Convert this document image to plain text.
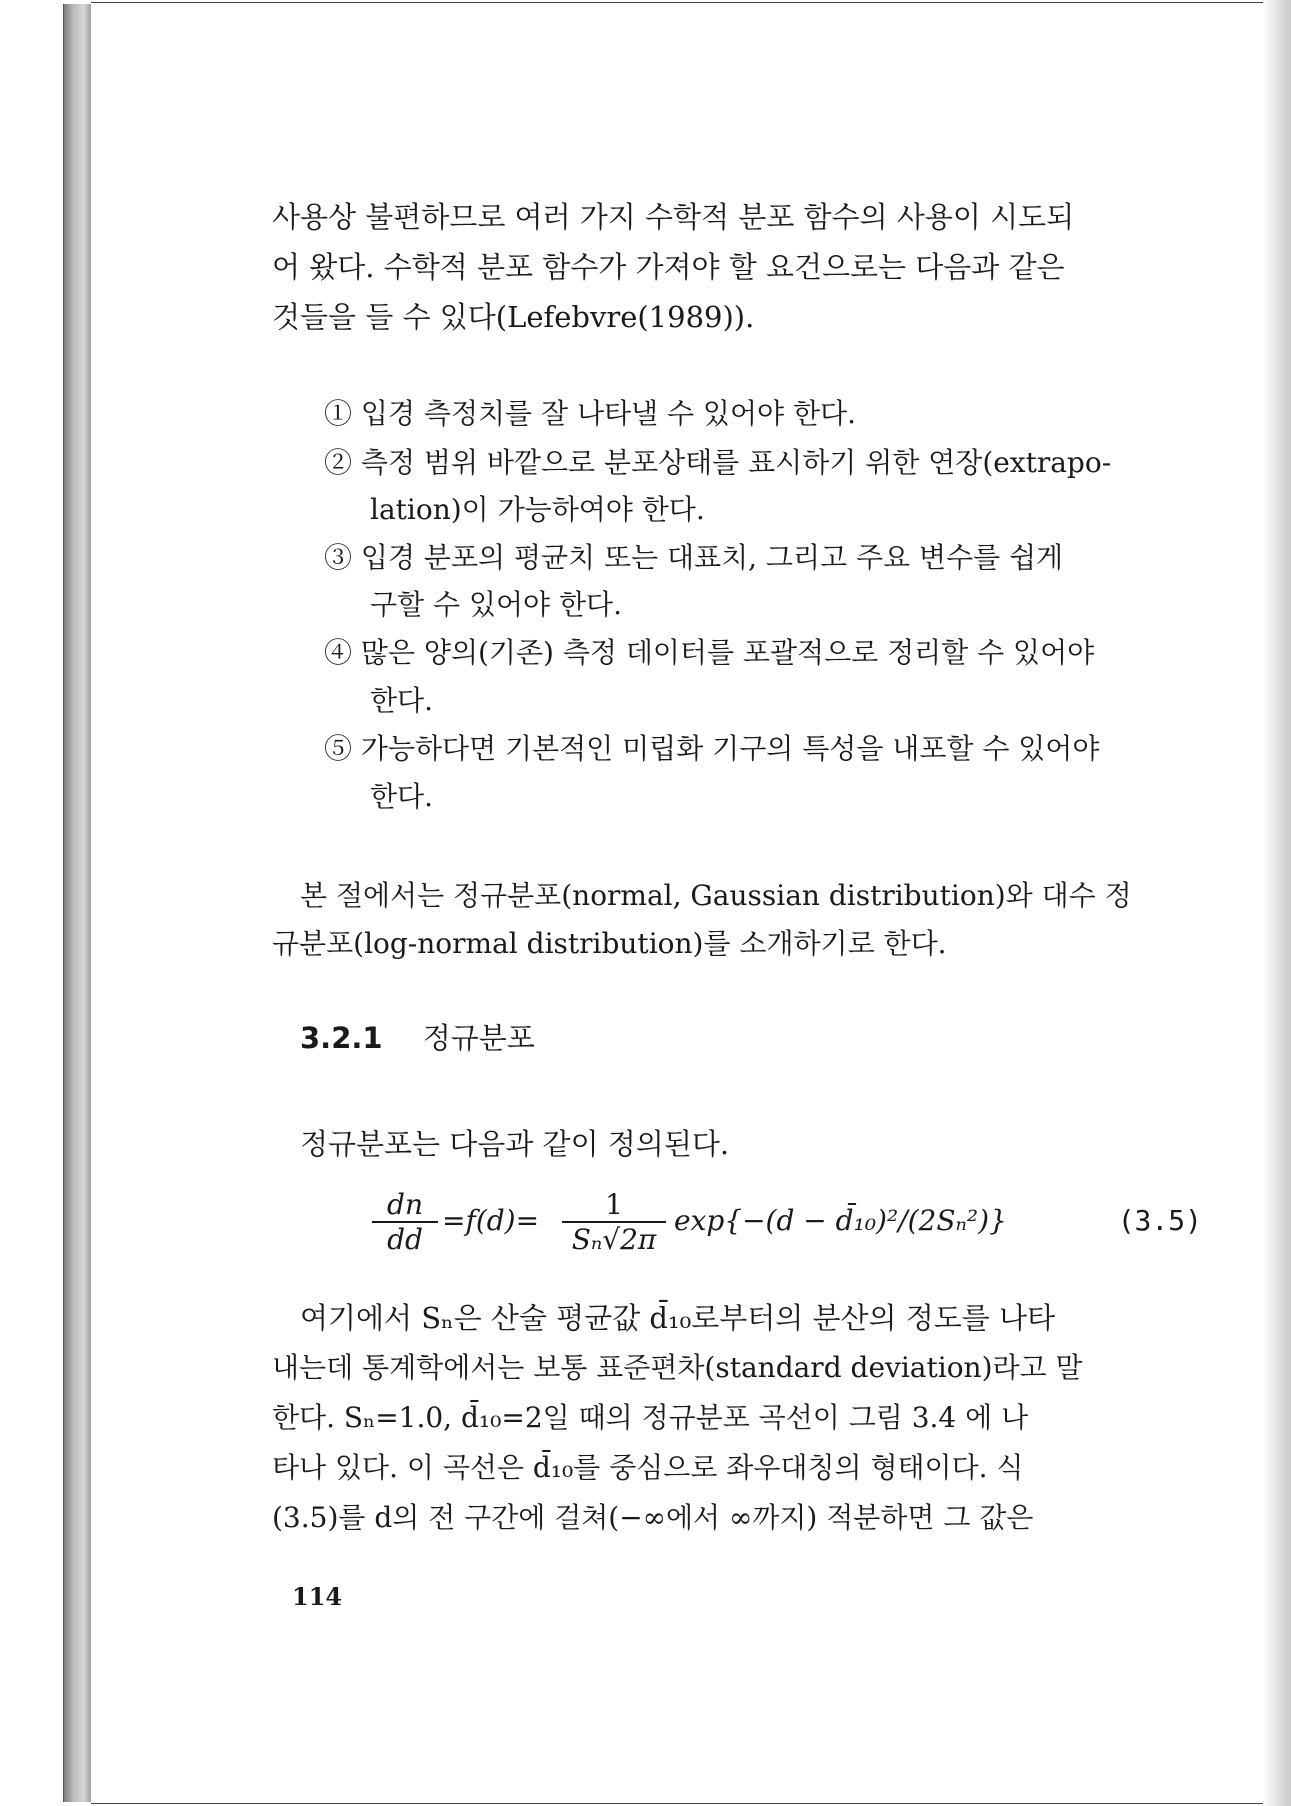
사용상 불편하므로 여러 가지 수학적 분포 함수의 사용이 시도되
어 왔다. 수학적 분포 함수가 가져야 할 요건으로는 다음과 같은
것들을 들 수 있다(Lefebvre(1989)).
① 입경 측정치를 잘 나타낼 수 있어야 한다.
② 측정 범위 바깥으로 분포상태를 표시하기 위한 연장(extrapo-
lation)이 가능하여야 한다.
③ 입경 분포의 평균치 또는 대표치, 그리고 주요 변수를 쉽게
구할 수 있어야 한다.
④ 많은 양의(기존) 측정 데이터를 포괄적으로 정리할 수 있어야
한다.
⑤ 가능하다면 기본적인 미립화 기구의 특성을 내포할 수 있어야
한다.
본 절에서는 정규분포(normal, Gaussian distribution)와 대수 정
규분포(log-normal distribution)를 소개하기로 한다.
3.2.1 정규분포
정규분포는 다음과 같이 정의된다.
$\frac{dn}{dd} =f(d)= \frac{1}{\text{Sₙ√2π}} \exp\{-(d$ − d̄₁₀)²/(2Sₙ²)}	(3.5)
여기에서 Sₙ은 산술 평균값 d̄₁₀로부터의 분산의 정도를 나타
내는데 통계학에서는 보통 표준편차(standard deviation)라고 말
한다. Sₙ=1.0, d̄₁₀=2일 때의 정규분포 곡선이 그림 3.4 에 나
타나 있다. 이 곡선은 d̄₁₀를 중심으로 좌우대칭의 형태이다. 식
(3.5)를 d의 전 구간에 걸쳐(−∞에서 ∞까지) 적분하면 그 값은
114
